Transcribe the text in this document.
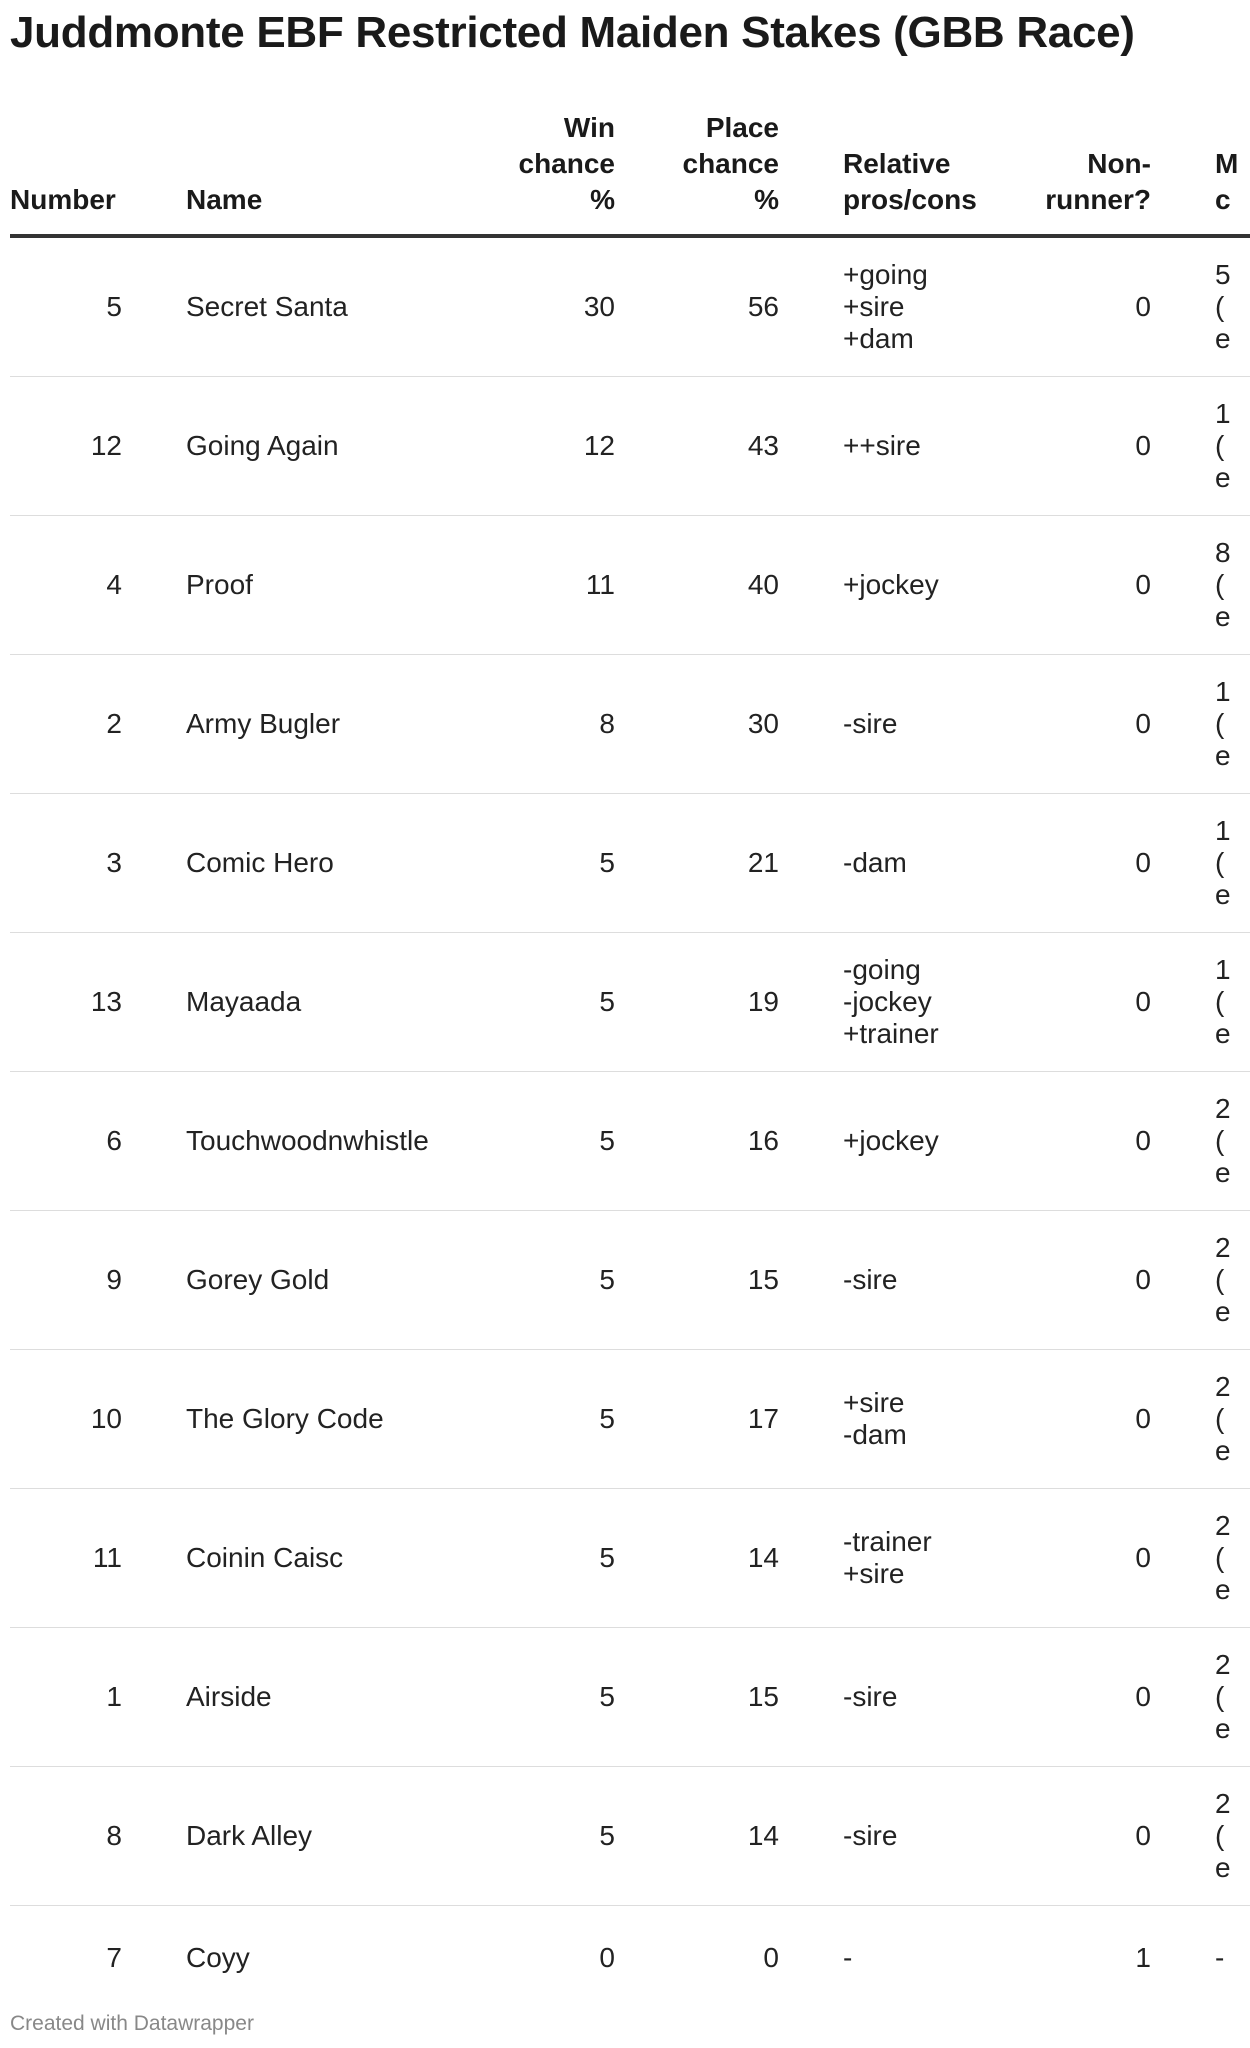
Juddmonte EBF Restricted Maiden Stakes (GBB Race)
Number		Name	Win
chance
%	Place
chance
%		Relative
pros/cons	Non-
runner?		M
c

5		Secret Santa	30	56		+going
+sire
+dam	0		5
(
e

12		Going Again	12	43		++sire	0		1
(
e

4		Proof	11	40		+jockey	0		8
(
e

2		Army Bugler	8	30		-sire	0		1
(
e

3		Comic Hero	5	21		-dam	0		1
(
e

13		Mayaada	5	19		-going
-jockey
+trainer	0		1
(
e

6		Touchwoodnwhistle	5	16		+jockey	0		2
(
e

9		Gorey Gold	5	15		-sire	0		2
(
e

10		The Glory Code	5	17		+sire
-dam	0		2
(
e

11		Coinin Caisc	5	14		-trainer
+sire	0		2
(
e

1		Airside	5	15		-sire	0		2
(
e

8		Dark Alley	5	14		-sire	0		2
(
e

7		Coyy	0	0		-	1		-
Created with Datawrapper
